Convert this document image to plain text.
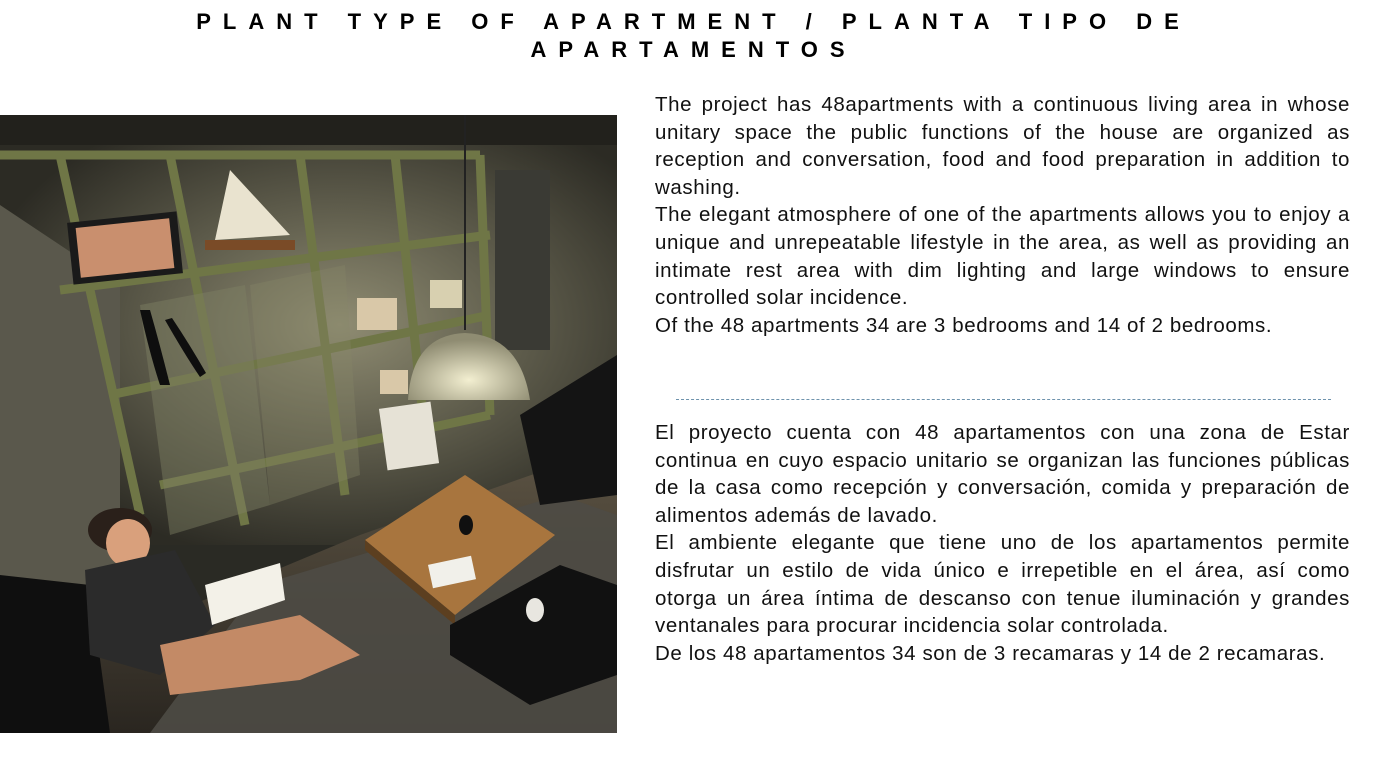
PLANT TYPE OF APARTMENT / PLANTA TIPO DE
APARTAMENTOS

The project has 48apartments with a continuous living area in whose unitary space the public functions of the house are organized as reception and conversation, food and food preparation in addition to washing.

The elegant atmosphere of one of the apartments allows you to enjoy a unique and unrepeatable lifestyle in the area, as well as providing an intimate rest area with dim lighting and large windows to ensure controlled solar incidence.

Of the 48 apartments 34 are 3 bedrooms and 14 of 2 bedrooms.

El proyecto cuenta con 48 apartamentos con una zona de Estar continua en cuyo espacio unitario se organizan las funciones públicas de la casa como recepción y conversación, comida y preparación de alimentos además de lavado.

El ambiente elegante que tiene uno de los apartamentos permite disfrutar un estilo de vida único e irrepetible en el área, así como otorga un área íntima de descanso con tenue iluminación y grandes ventanales para procurar incidencia solar controlada.

De los 48 apartamentos 34 son de 3 recamaras y 14 de 2 recamaras.
